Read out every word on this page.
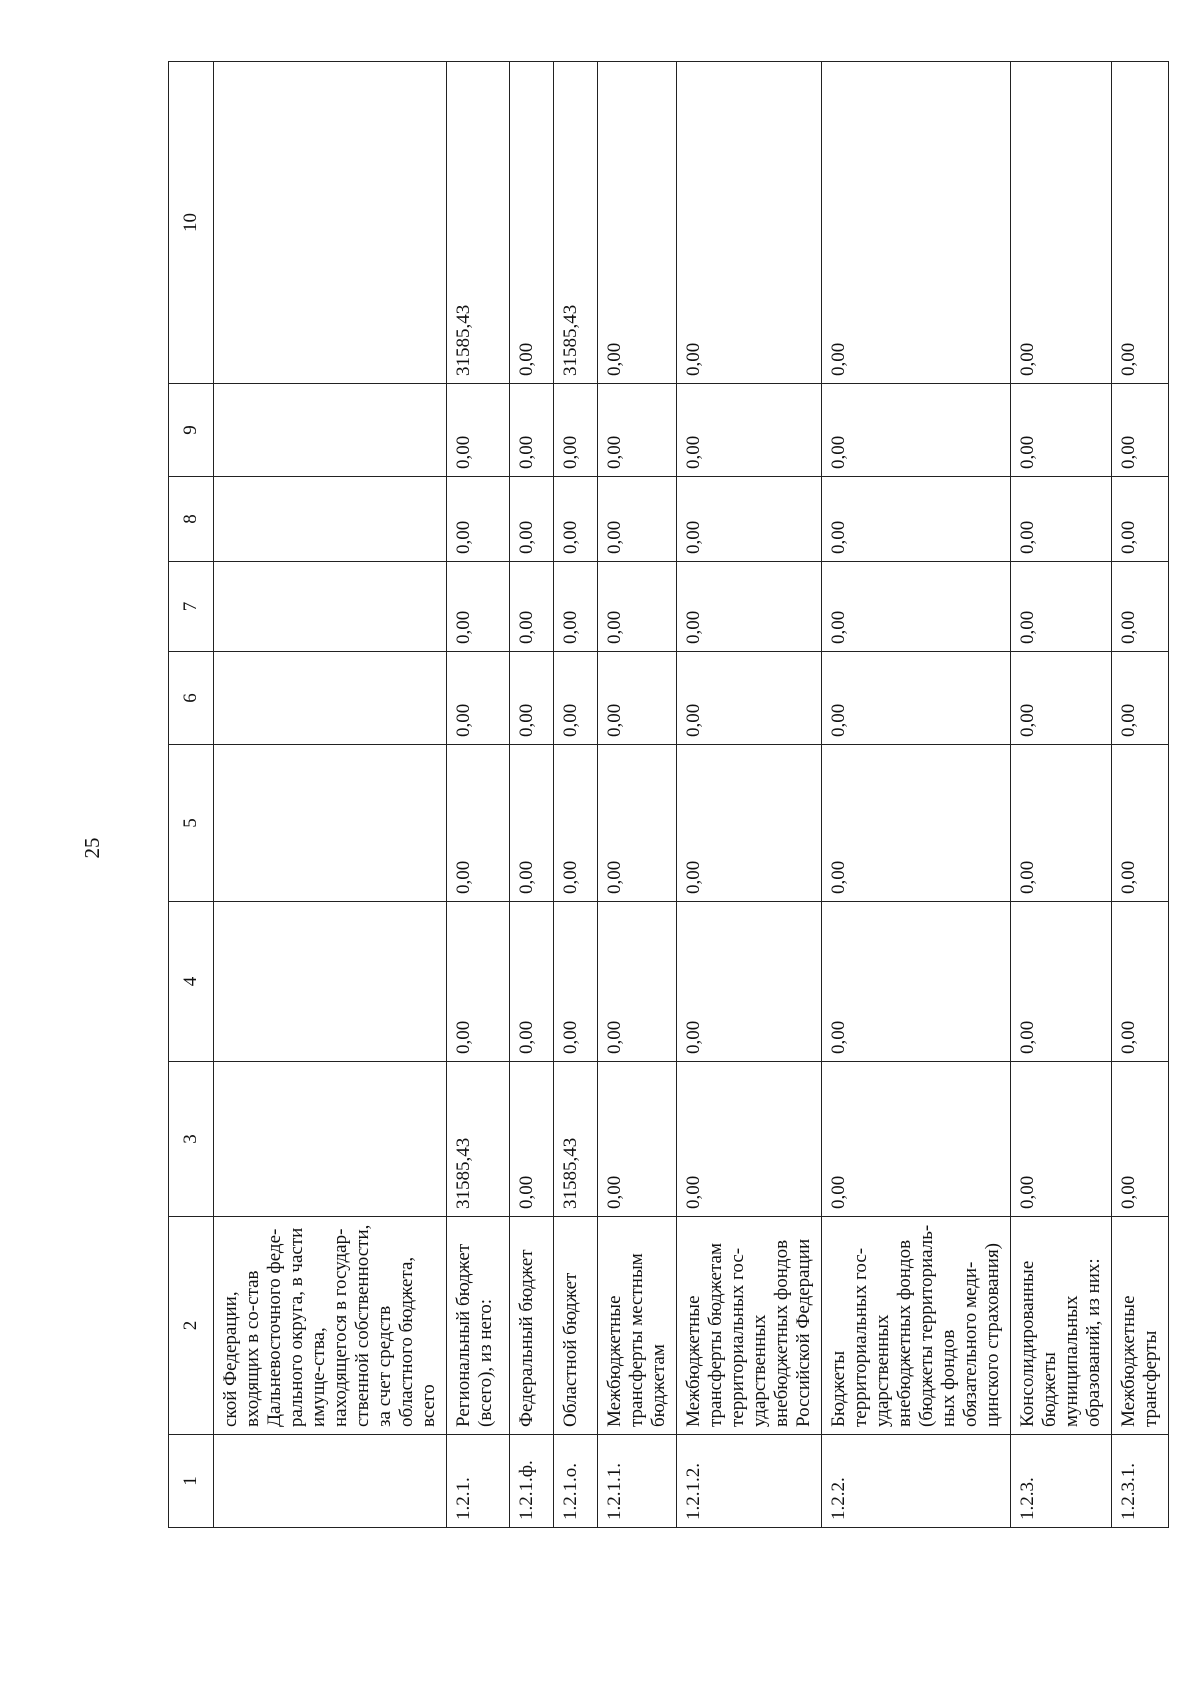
25
1	2	3	4	5	6	7	8	9	10
	ской Федерации, входящих в со-став Дальневосточного феде-рального округа, в части имуще-ства, находящегося в государ-ственной собственности, за счет средств областного бюджета, всего								
1.2.1.	Региональный бюджет (всего), из него:	31585,43	0,00	0,00	0,00	0,00	0,00	0,00	31585,43
1.2.1.ф.	Федеральный бюджет	0,00	0,00	0,00	0,00	0,00	0,00	0,00	0,00
1.2.1.о.	Областной бюджет	31585,43	0,00	0,00	0,00	0,00	0,00	0,00	31585,43
1.2.1.1.	Межбюджетные трансферты местным бюджетам	0,00	0,00	0,00	0,00	0,00	0,00	0,00	0,00
1.2.1.2.	Межбюджетные трансферты бюджетам территориальных гос-ударственных внебюджетных фондов Российской Федерации	0,00	0,00	0,00	0,00	0,00	0,00	0,00	0,00
1.2.2.	Бюджеты территориальных гос-ударственных внебюджетных фондов (бюджеты территориаль-ных фондов обязательного меди-цинского страхования)	0,00	0,00	0,00	0,00	0,00	0,00	0,00	0,00
1.2.3.	Консолидированные бюджеты муниципальных образований, из них:	0,00	0,00	0,00	0,00	0,00	0,00	0,00	0,00
1.2.3.1.	Межбюджетные трансферты	0,00	0,00	0,00	0,00	0,00	0,00	0,00	0,00
